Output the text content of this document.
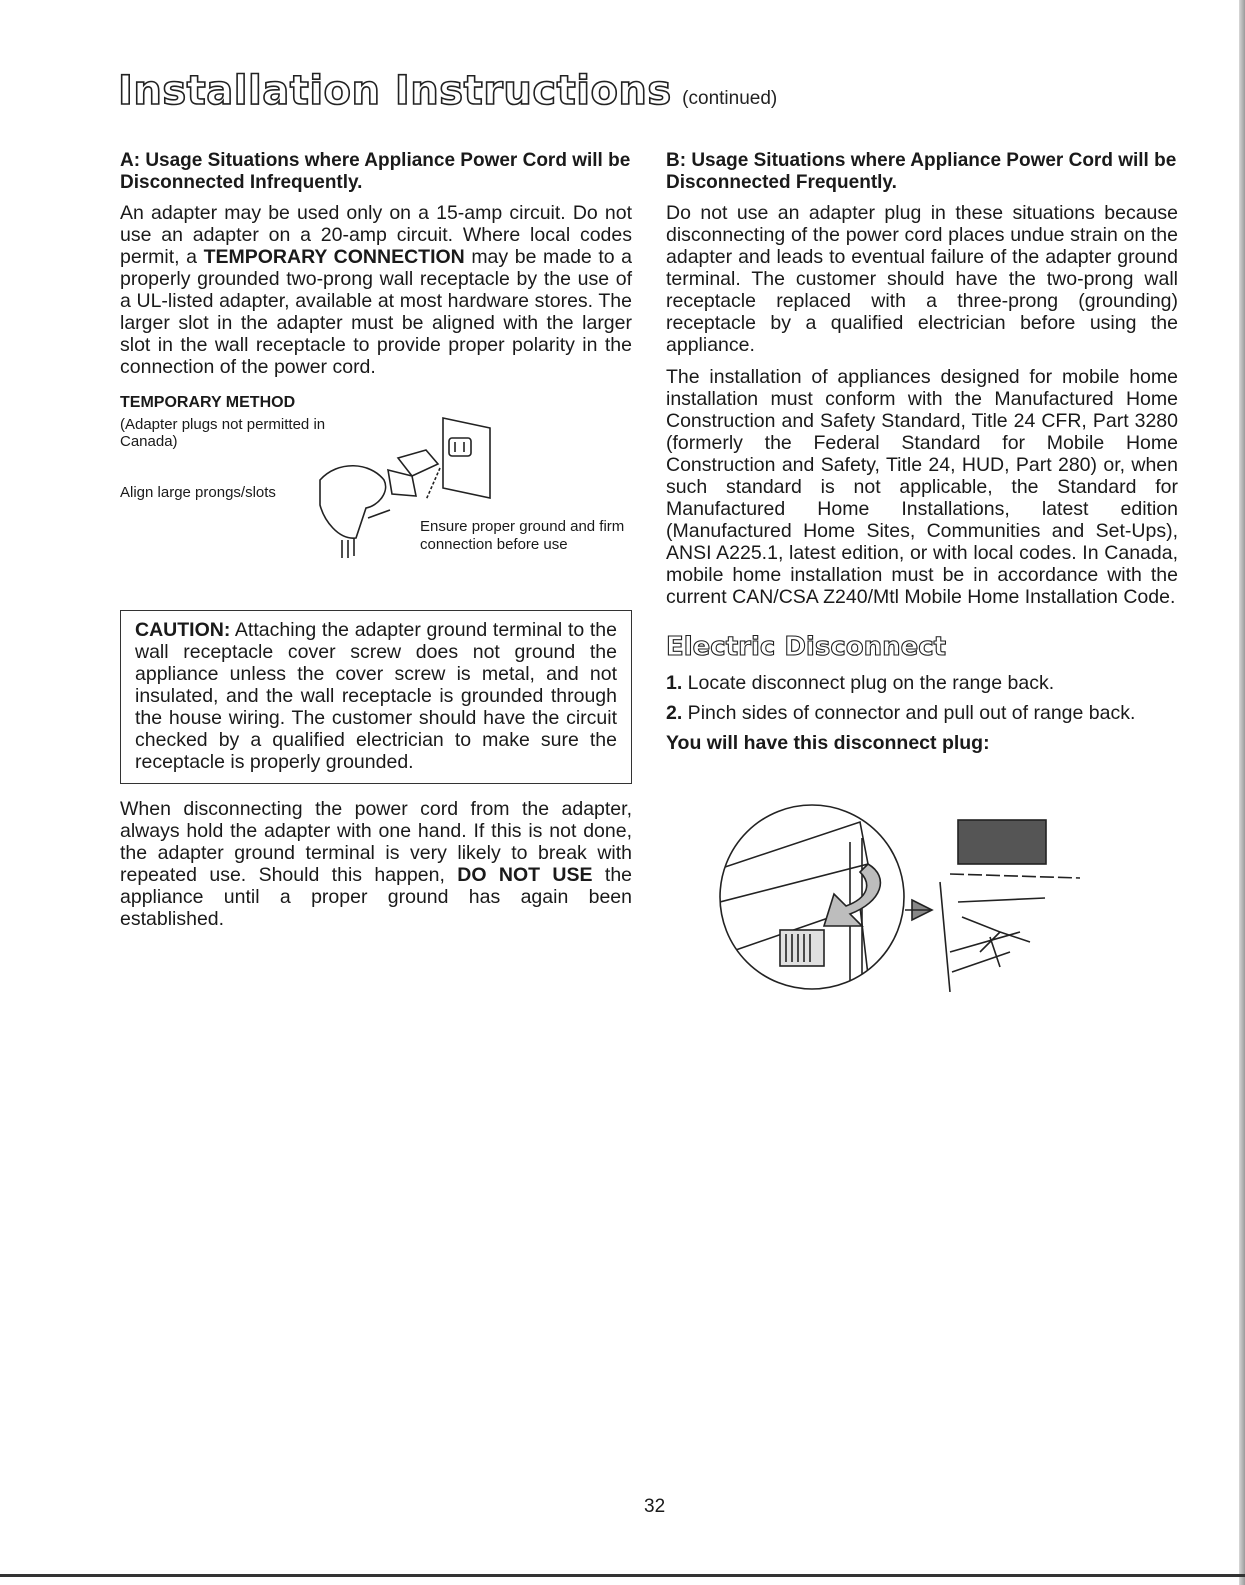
Installation Instructions (continued)
A: Usage Situations where Appliance Power Cord will be Disconnected Infrequently.

An adapter may be used only on a 15-amp circuit. Do not use an adapter on a 20-amp circuit. Where local codes permit, a TEMPORARY CONNECTION may be made to a properly grounded two-prong wall receptacle by the use of a UL-listed adapter, available at most hardware stores. The larger slot in the adapter must be aligned with the larger slot in the wall receptacle to provide proper polarity in the connection of the power cord.

TEMPORARY METHOD
(Adapter plugs not permitted in Canada)
Align large prongs/slots
Ensure proper ground and firm connection before use
CAUTION: Attaching the adapter ground terminal to the wall receptacle cover screw does not ground the appliance unless the cover screw is metal, and not insulated, and the wall receptacle is grounded through the house wiring. The customer should have the circuit checked by a qualified electrician to make sure the receptacle is properly grounded.

When disconnecting the power cord from the adapter, always hold the adapter with one hand. If this is not done, the adapter ground terminal is very likely to break with repeated use. Should this happen, DO NOT USE the appliance until a proper ground has again been established.

B: Usage Situations where Appliance Power Cord will be Disconnected Frequently.

Do not use an adapter plug in these situations because disconnecting of the power cord places undue strain on the adapter and leads to eventual failure of the adapter ground terminal. The customer should have the two-prong wall receptacle replaced with a three-prong (grounding) receptacle by a qualified electrician before using the appliance.

The installation of appliances designed for mobile home installation must conform with the Manufactured Home Construction and Safety Standard, Title 24 CFR, Part 3280 (formerly the Federal Standard for Mobile Home Construction and Safety, Title 24, HUD, Part 280) or, when such standard is not applicable, the Standard for Manufactured Home Installations, latest edition (Manufactured Home Sites, Communities and Set-Ups), ANSI A225.1, latest edition, or with local codes. In Canada, mobile home installation must be in accordance with the current CAN/CSA Z240/Mtl Mobile Home Installation Code.

Electric Disconnect
1. Locate disconnect plug on the range back.
2. Pinch sides of connector and pull out of range back.
You will have this disconnect plug:
32
